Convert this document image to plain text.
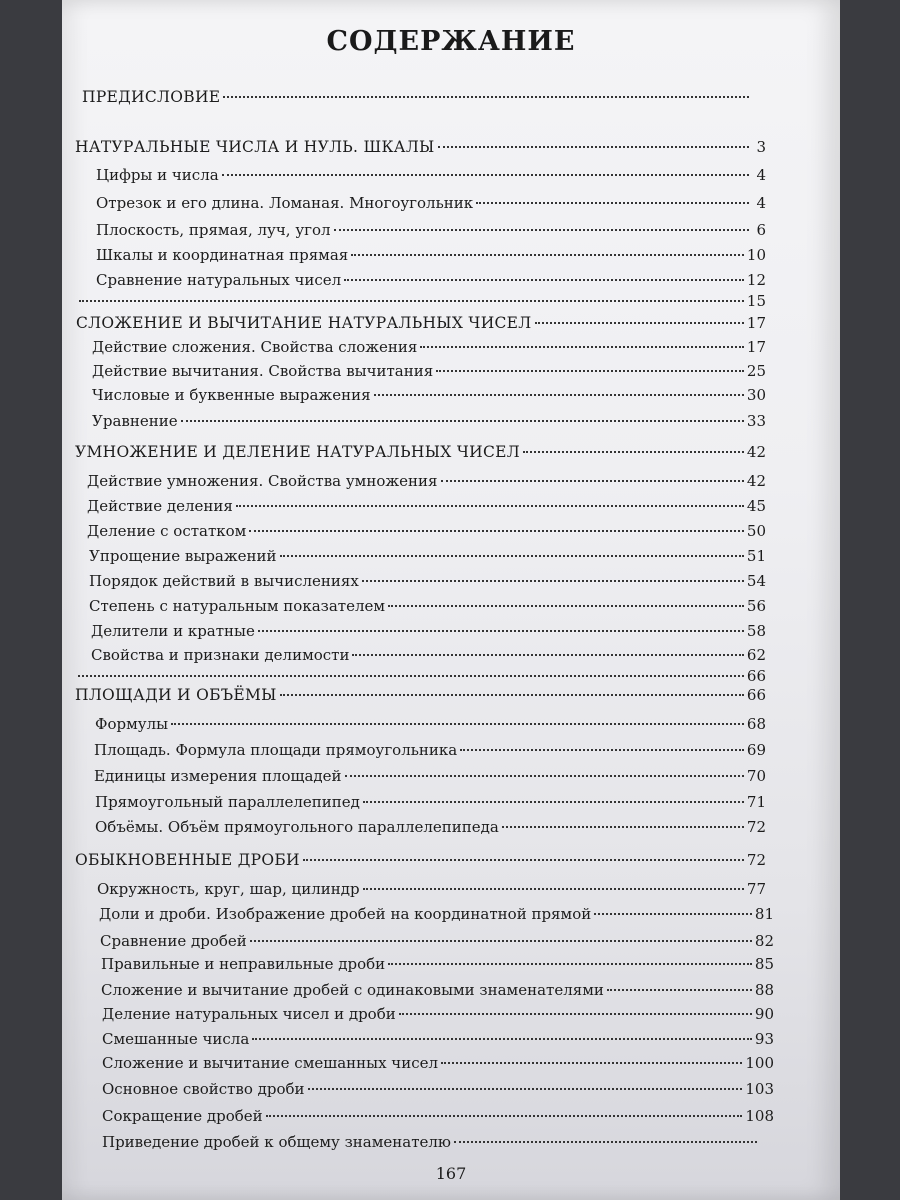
СОДЕРЖАНИЕ
ПРЕДИСЛОВИЕ
НАТУРАЛЬНЫЕ ЧИСЛА И НУЛЬ. ШКАЛЫ	3
Цифры и числа	4
Отрезок и его длина. Ломаная. Многоугольник	4
Плоскость, прямая, луч, угол	6
Шкалы и координатная прямая	10
Сравнение натуральных чисел	12
15
СЛОЖЕНИЕ И ВЫЧИТАНИЕ НАТУРАЛЬНЫХ ЧИСЕЛ	17
Действие сложения. Свойства сложения	17
Действие вычитания. Свойства вычитания	25
Числовые и буквенные выражения	30
Уравнение	33
УМНОЖЕНИЕ И ДЕЛЕНИЕ НАТУРАЛЬНЫХ ЧИСЕЛ	42
Действие умножения. Свойства умножения	42
Действие деления	45
Деление с остатком	50
Упрощение выражений	51
Порядок действий в вычислениях	54
Степень с натуральным показателем	56
Делители и кратные	58
Свойства и признаки делимости	62
66
ПЛОЩАДИ И ОБЪЁМЫ	66
Формулы	68
Площадь. Формула площади прямоугольника	69
Единицы измерения площадей	70
Прямоугольный параллелепипед	71
Объёмы. Объём прямоугольного параллелепипеда	72
ОБЫКНОВЕННЫЕ ДРОБИ	72
Окружность, круг, шар, цилиндр	77
Доли и дроби. Изображение дробей на координатной прямой	81
Сравнение дробей	82
Правильные и неправильные дроби	85
Сложение и вычитание дробей с одинаковыми знаменателями	88
Деление натуральных чисел и дроби	90
Смешанные числа	93
Сложение и вычитание смешанных чисел	100
Основное свойство дроби	103
Сокращение дробей	108
Приведение дробей к общему знаменателю
167
